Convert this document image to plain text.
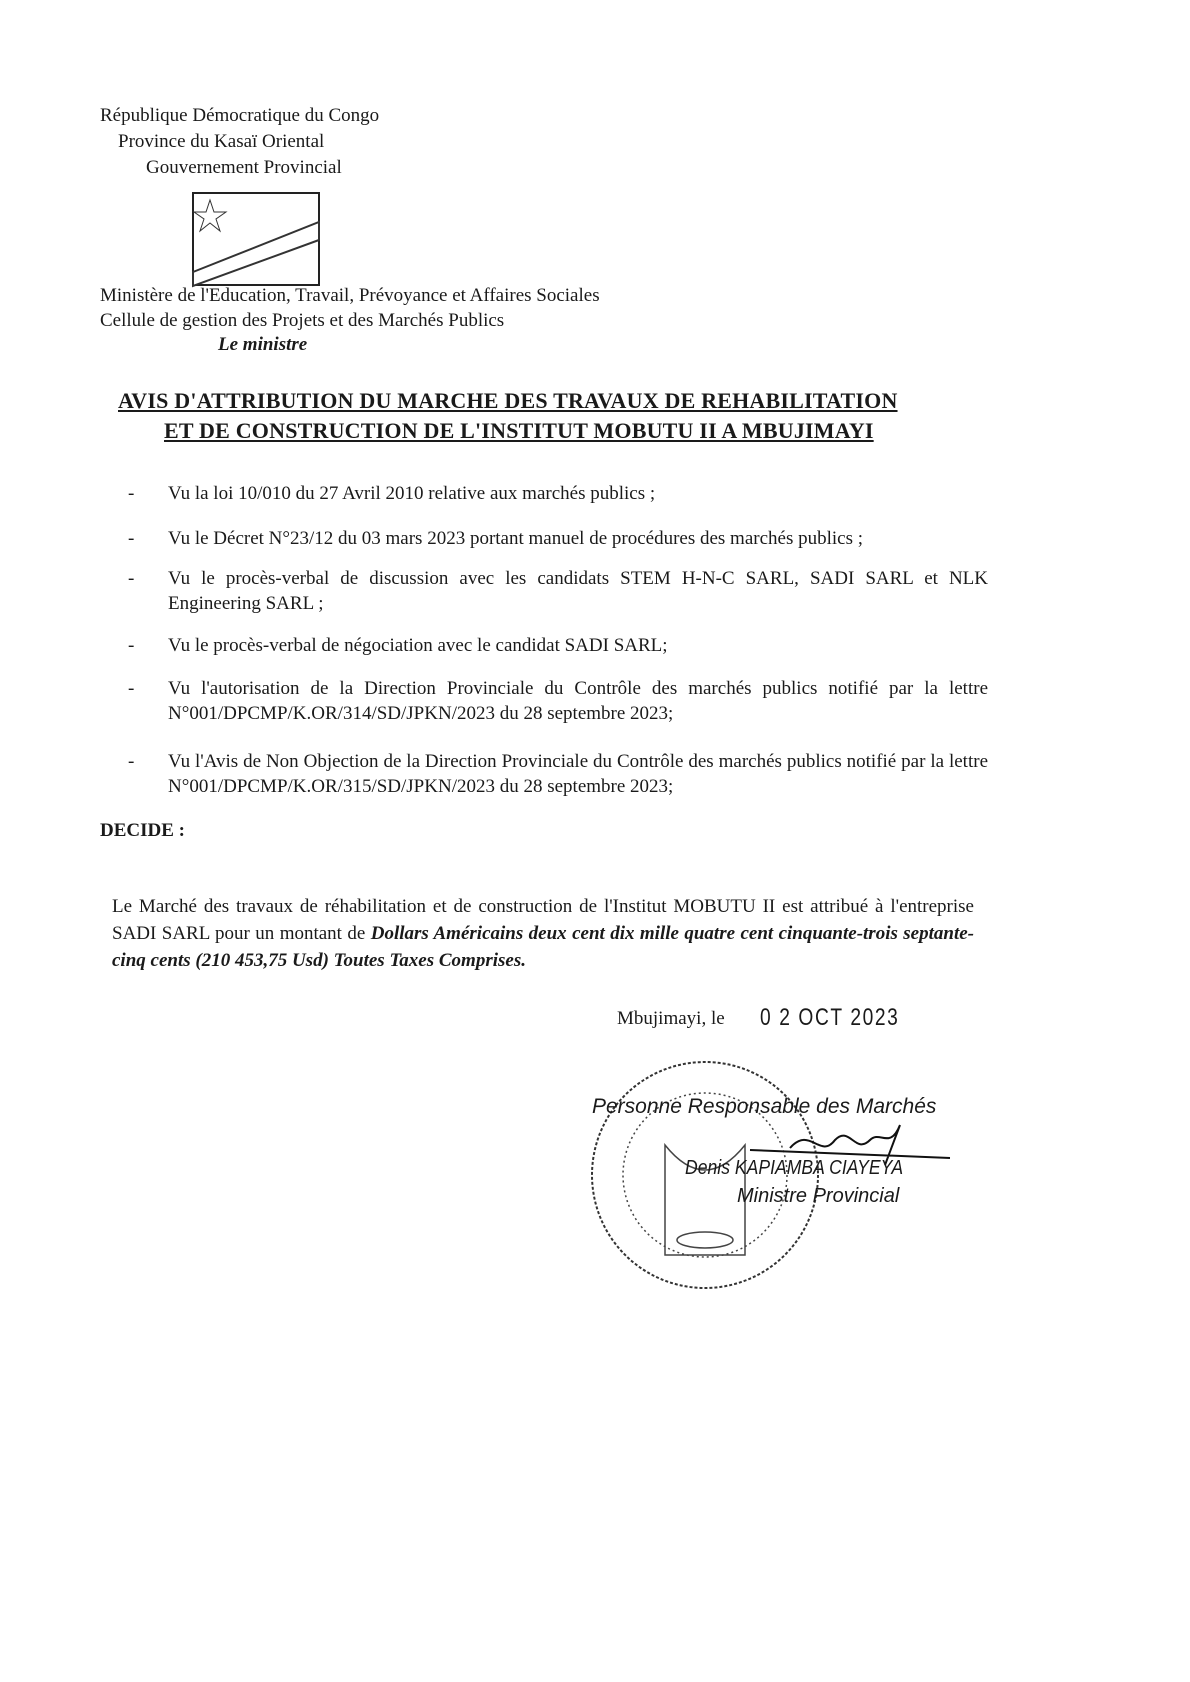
République Démocratique du Congo
Province du Kasaï Oriental
Gouvernement Provincial
Ministère de l'Education, Travail, Prévoyance et Affaires Sociales
Cellule de gestion des Projets et des Marchés Publics
Le ministre
AVIS D'ATTRIBUTION DU MARCHE DES TRAVAUX DE REHABILITATION
ET DE CONSTRUCTION DE L'INSTITUT MOBUTU II A MBUJIMAYI
- Vu la loi 10/010 du 27 Avril 2010 relative aux marchés publics ;
- Vu le Décret N°23/12 du 03 mars 2023 portant manuel de procédures des marchés publics ;
- Vu le procès-verbal de discussion avec les candidats STEM H-N-C SARL, SADI SARL et NLK Engineering SARL ;
- Vu le procès-verbal de négociation avec le candidat SADI SARL;
- Vu l'autorisation de la Direction Provinciale du Contrôle des marchés publics notifié par la lettre N°001/DPCMP/K.OR/314/SD/JPKN/2023 du 28 septembre 2023;
- Vu l'Avis de Non Objection de la Direction Provinciale du Contrôle des marchés publics notifié par la lettre N°001/DPCMP/K.OR/315/SD/JPKN/2023 du 28 septembre 2023;
DECIDE :
Le Marché des travaux de réhabilitation et de construction de l'Institut MOBUTU II est attribué à l'entreprise SADI SARL pour un montant de Dollars Américains deux cent dix mille quatre cent cinquante-trois septante-cinq cents (210 453,75 Usd) Toutes Taxes Comprises.
Mbujimayi, le 0 2 OCT 2023
Personne Responsable des Marchés
Denis KAPIAMBA CIAYEYA
Ministre Provincial
